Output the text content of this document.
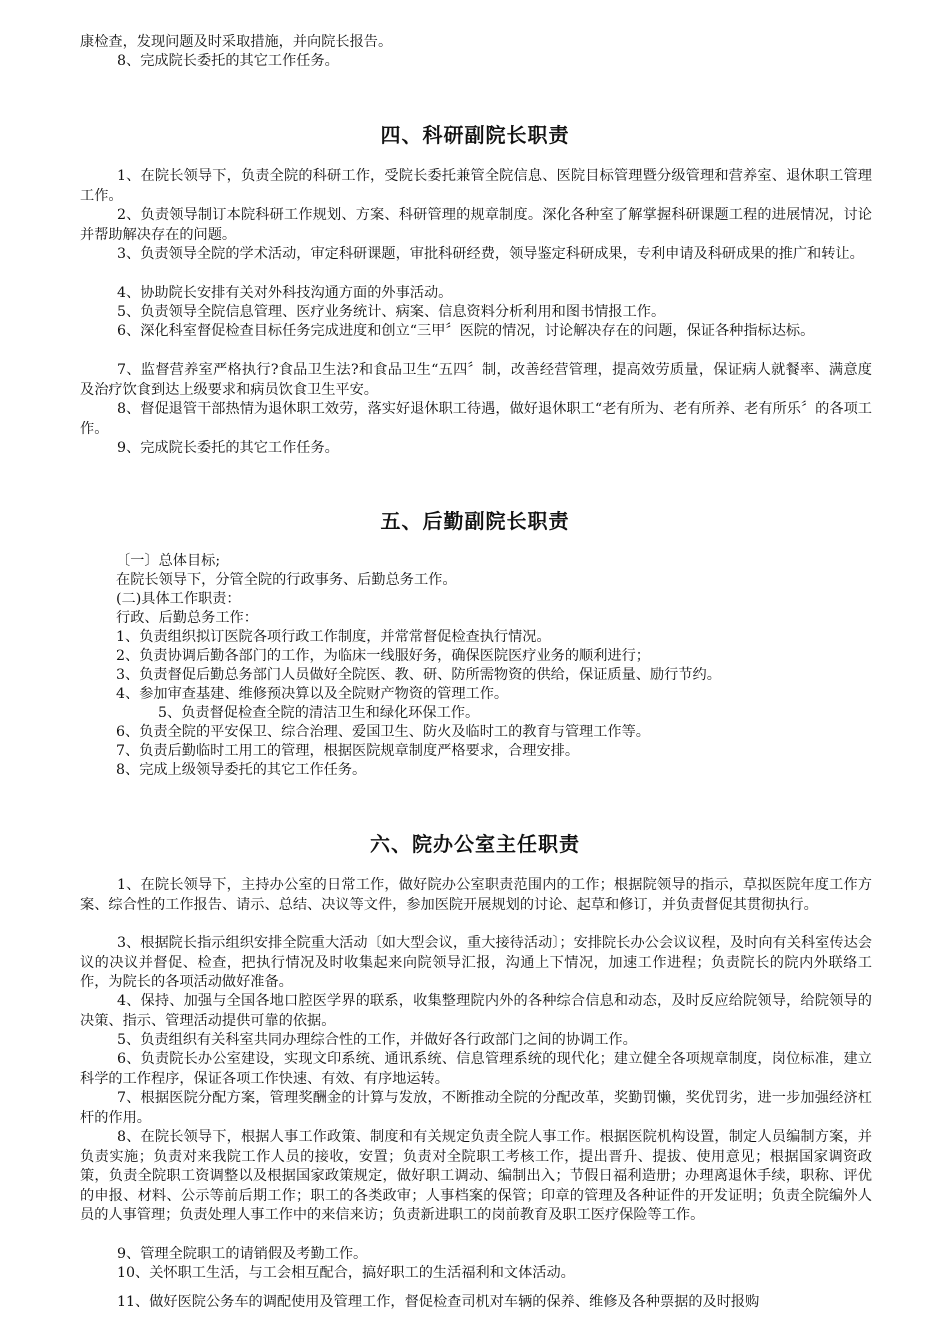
康检查，发现问题及时采取措施，并向院长报告。

8、完成院长委托的其它工作任务。

四、科研副院长职责

1、在院长领导下，负责全院的科研工作，受院长委托兼管全院信息、医院目标管理暨分级管理和营养室、退休职工管理工作。

2、负责领导制订本院科研工作规划、方案、科研管理的规章制度。深化各种室了解掌握科研课题工程的进展情况，讨论并帮助解决存在的问题。

3、负责领导全院的学术活动，审定科研课题，审批科研经费，领导鉴定科研成果，专利申请及科研成果的推广和转让。

4、协助院长安排有关对外科技沟通方面的外事活动。

5、负责领导全院信息管理、医疗业务统计、病案、信息资料分析利用和图书情报工作。

6、深化科室督促检查目标任务完成进度和创立“三甲〞医院的情况，讨论解决存在的问题，保证各种指标达标。

7、监督营养室严格执行?食品卫生法?和食品卫生“五四〞制，改善经营管理，提高效劳质量，保证病人就餐率、满意度及治疗饮食到达上级要求和病员饮食卫生平安。

8、督促退管干部热情为退休职工效劳，落实好退休职工待遇，做好退休职工“老有所为、老有所养、老有所乐〞的各项工作。

9、完成院长委托的其它工作任务。

五、后勤副院长职责

〔一〕总体目标;

在院长领导下，分管全院的行政事务、后勤总务工作。

(二)具体工作职责：

行政、后勤总务工作：

1、负责组织拟订医院各项行政工作制度，并常常督促检查执行情况。

2、负责协调后勤各部门的工作，为临床一线服好务，确保医院医疗业务的顺利进行；

3、负责督促后勤总务部门人员做好全院医、教、研、防所需物资的供给，保证质量、励行节约。

4、参加审查基建、维修预决算以及全院财产物资的管理工作。

5、负责督促检查全院的清洁卫生和绿化环保工作。

6、负责全院的平安保卫、综合治理、爱国卫生、防火及临时工的教育与管理工作等。

7、负责后勤临时工用工的管理，根据医院规章制度严格要求，合理安排。

8、完成上级领导委托的其它工作任务。

六、院办公室主任职责

1、在院长领导下，主持办公室的日常工作，做好院办公室职责范围内的工作；根据院领导的指示，草拟医院年度工作方案、综合性的工作报告、请示、总结、决议等文件，参加医院开展规划的讨论、起草和修订，并负责督促其贯彻执行。

3、根据院长指示组织安排全院重大活动〔如大型会议，重大接待活动〕；安排院长办公会议议程，及时向有关科室传达会议的决议并督促、检查，把执行情况及时收集起来向院领导汇报，沟通上下情况，加速工作进程；负责院长的院内外联络工作，为院长的各项活动做好准备。

4、保持、加强与全国各地口腔医学界的联系，收集整理院内外的各种综合信息和动态，及时反应给院领导，给院领导的决策、指示、管理活动提供可靠的依据。

5、负责组织有关科室共同办理综合性的工作，并做好各行政部门之间的协调工作。

6、负责院长办公室建设，实现文印系统、通讯系统、信息管理系统的现代化；建立健全各项规章制度，岗位标准，建立科学的工作程序，保证各项工作快速、有效、有序地运转。

7、根据医院分配方案，管理奖酬金的计算与发放，不断推动全院的分配改革，奖勤罚懒，奖优罚劣，进一步加强经济杠杆的作用。

8、在院长领导下，根据人事工作政策、制度和有关规定负责全院人事工作。根据医院机构设置，制定人员编制方案，并负责实施；负责对来我院工作人员的接收，安置；负责对全院职工考核工作，提出晋升、提拔、使用意见；根据国家调资政策，负责全院职工资调整以及根据国家政策规定，做好职工调动、编制出入；节假日福利造册；办理离退休手续，职称、评优的申报、材料、公示等前后期工作；职工的各类政审；人事档案的保管；印章的管理及各种证件的开发证明；负责全院编外人员的人事管理；负责处理人事工作中的来信来访；负责新进职工的岗前教育及职工医疗保险等工作。

9、管理全院职工的请销假及考勤工作。

10、关怀职工生活，与工会相互配合，搞好职工的生活福利和文体活动。

11、做好医院公务车的调配使用及管理工作，督促检查司机对车辆的保养、维修及各种票据的及时报购
